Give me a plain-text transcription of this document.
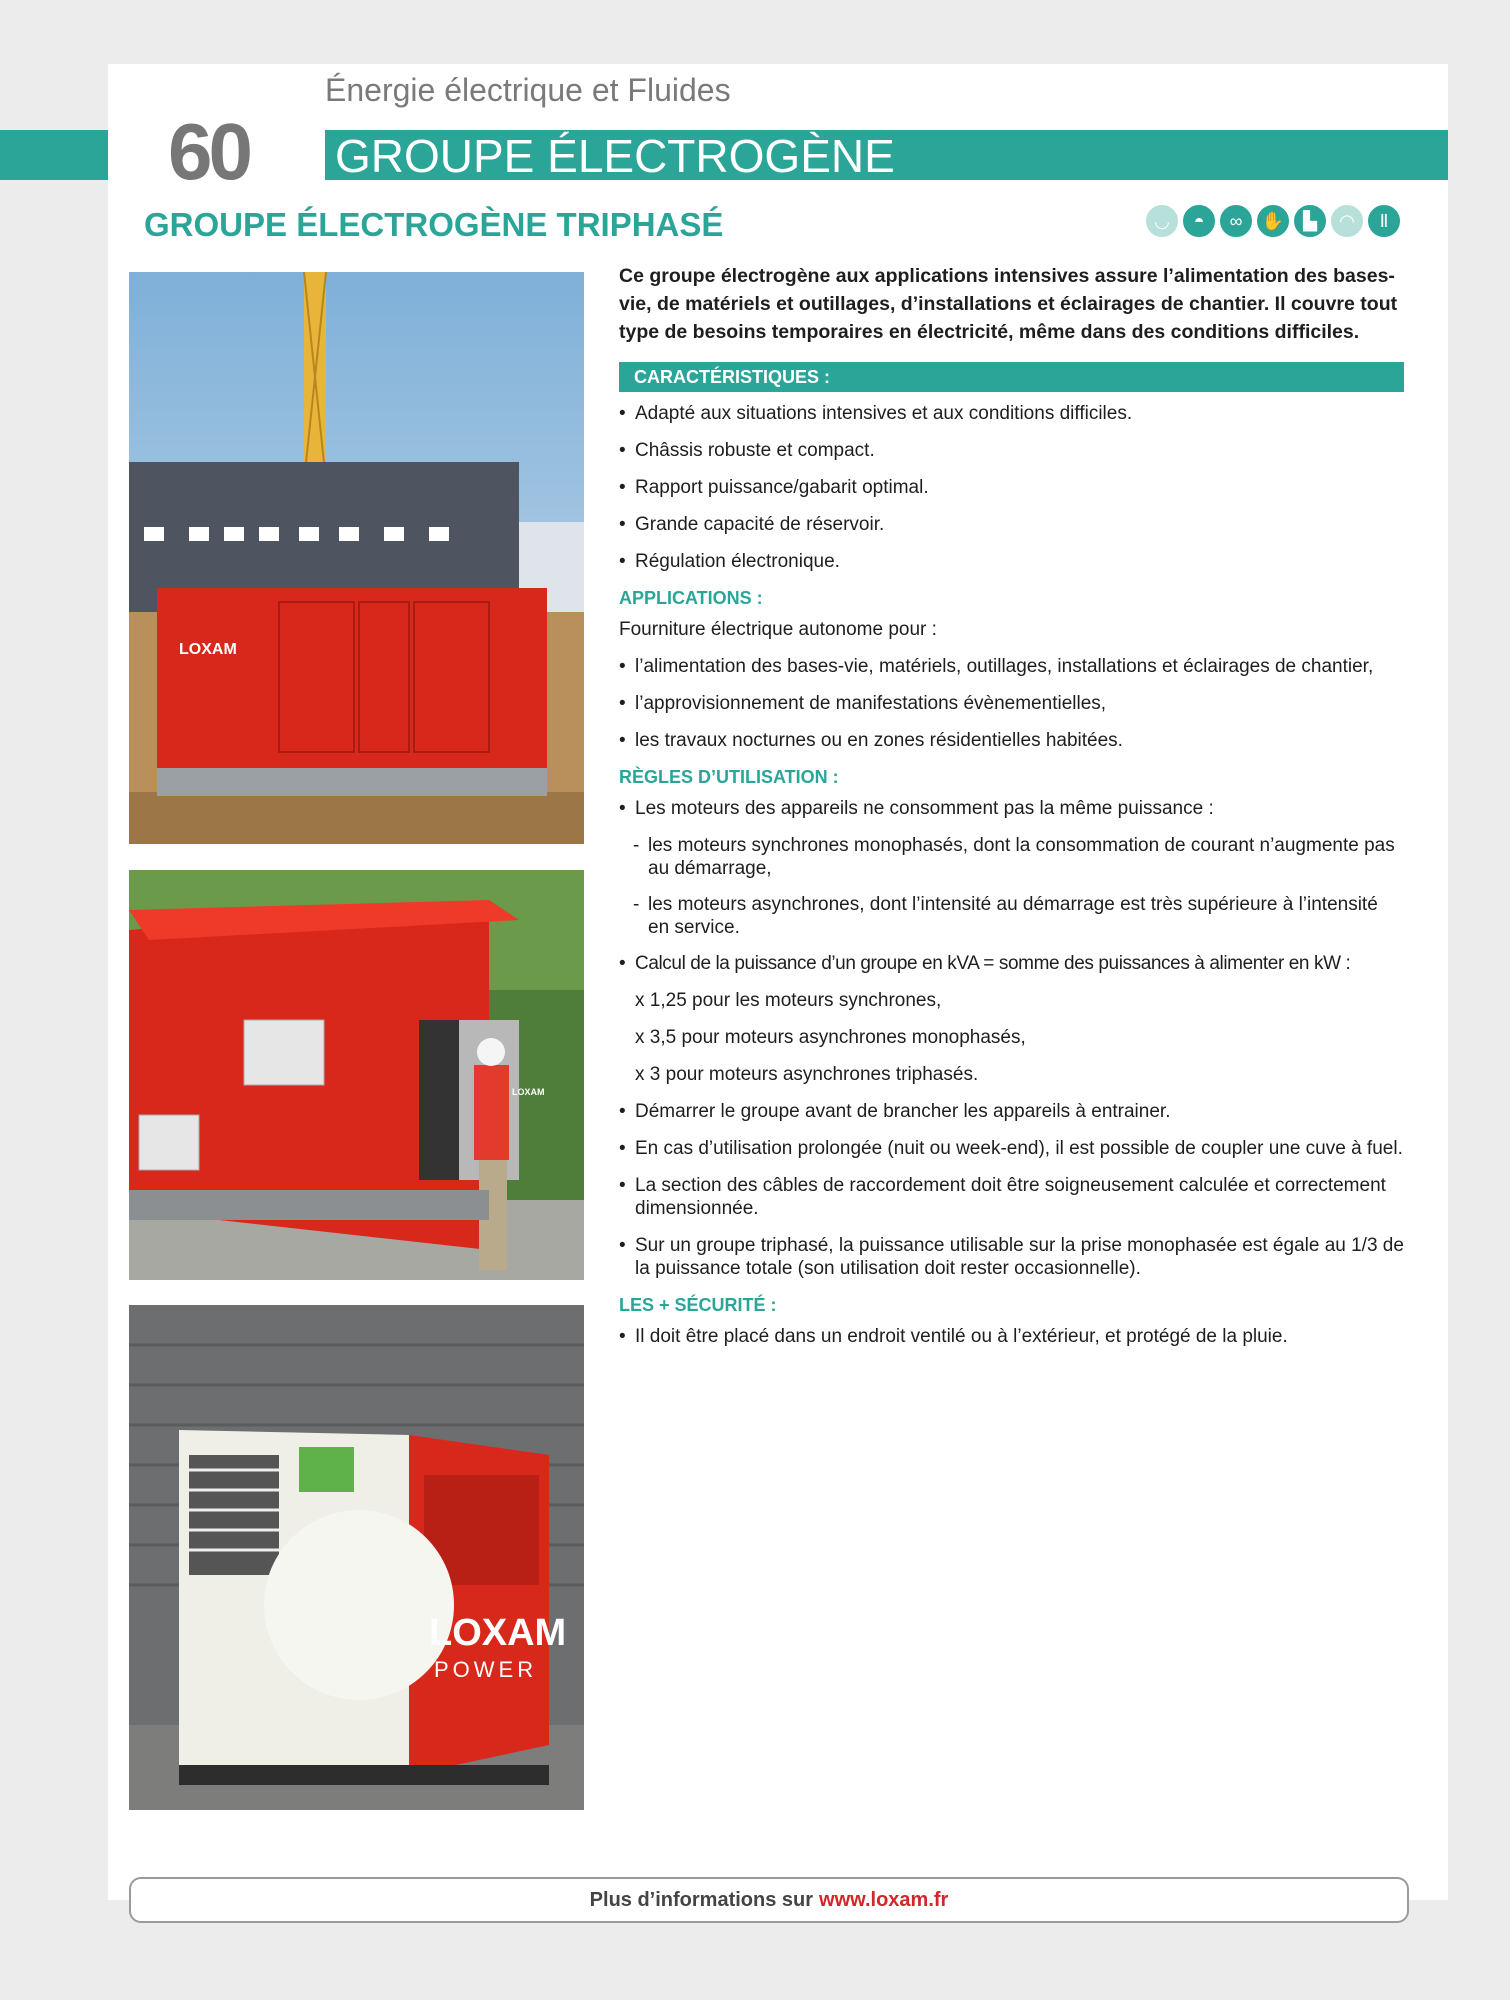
Énergie électrique et Fluides
60 GROUPE ÉLECTROGÈNE
GROUPE ÉLECTROGÈNE TRIPHASÉ	◡	◓	∞	✋	▙	◠	Ⅱ
LOXAM
LOXAM
LOXAM
POWER

Ce groupe électrogène aux applications intensives assure l’alimentation des bases-vie, de matériels et outillages, d’installations et éclairages de chantier. Il couvre tout type de besoins temporaires en électricité, même dans des conditions difficiles.

CARACTÉRISTIQUES :
• Adapté aux situations intensives et aux conditions difficiles.
• Châssis robuste et compact.
• Rapport puissance/gabarit optimal.
• Grande capacité de réservoir.
• Régulation électronique.
APPLICATIONS :
Fourniture électrique autonome pour :
• l’alimentation des bases-vie, matériels, outillages, installations et éclairages de chantier,
• l’approvisionnement de manifestations évènementielles,
• les travaux nocturnes ou en zones résidentielles habitées.
RÈGLES D’UTILISATION :
• Les moteurs des appareils ne consomment pas la même puissance :
- les moteurs synchrones monophasés, dont la consommation de courant n’augmente pas au démarrage,
- les moteurs asynchrones, dont l’intensité au démarrage est très supérieure à l’intensité en service.
• Calcul de la puissance d’un groupe en kVA = somme des puissances à alimenter en kW :
x 1,25 pour les moteurs synchrones,
x 3,5 pour moteurs asynchrones monophasés,
x 3 pour moteurs asynchrones triphasés.
• Démarrer le groupe avant de brancher les appareils à entrainer.
• En cas d’utilisation prolongée (nuit ou week-end), il est possible de coupler une cuve à fuel.
• La section des câbles de raccordement doit être soigneusement calculée et correctement dimensionnée.
• Sur un groupe triphasé, la puissance utilisable sur la prise monophasée est égale au 1/3 de la puissance totale (son utilisation doit rester occasionnelle).
LES + SÉCURITÉ :
• Il doit être placé dans un endroit ventilé ou à l’extérieur, et protégé de la pluie.
Plus d’informations sur www.loxam.fr
